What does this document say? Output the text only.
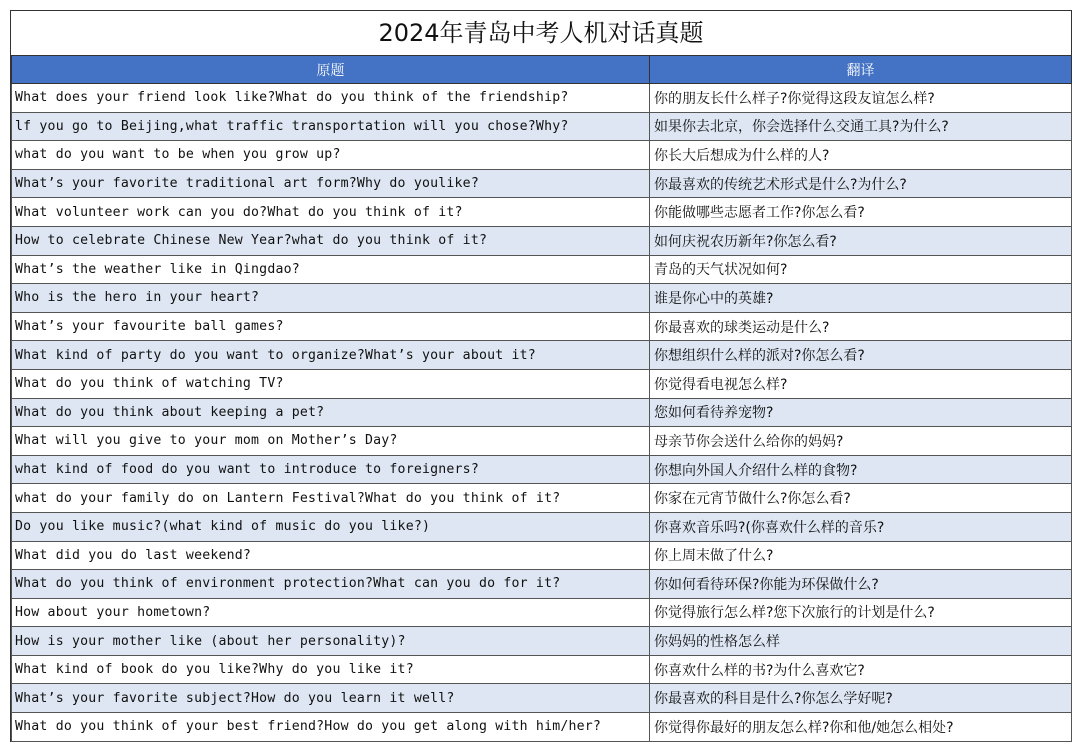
2024年青岛中考人机对话真题
原题	翻译
What does your friend look like?What do you think of the friendship?	你的朋友长什么样子?你觉得这段友谊怎么样?
lf you go to Beijing,what traffic transportation will you chose?Why?	如果你去北京，你会选择什么交通工具?为什么?
what do you want to be when you grow up?	你长大后想成为什么样的人?
What’s your favorite traditional art form?Why do youlike?	你最喜欢的传统艺术形式是什么?为什么?
What volunteer work can you do?What do you think of it?	你能做哪些志愿者工作?你怎么看?
How to celebrate Chinese New Year?what do you think of it?	如何庆祝农历新年?你怎么看?
What’s the weather like in Qingdao?	青岛的天气状况如何?
Who is the hero in your heart?	谁是你心中的英雄?
What’s your favourite ball games?	你最喜欢的球类运动是什么?
What kind of party do you want to organize?What’s your about it?	你想组织什么样的派对?你怎么看?
What do you think of watching TV?	你觉得看电视怎么样?
What do you think about keeping a pet?	您如何看待养宠物?
What will you give to your mom on Mother’s Day?	母亲节你会送什么给你的妈妈?
what kind of food do you want to introduce to foreigners?	你想向外国人介绍什么样的食物?
what do your family do on Lantern Festival?What do you think of it?	你家在元宵节做什么?你怎么看?
Do you like music?(what kind of music do you like?)	你喜欢音乐吗?(你喜欢什么样的音乐?
What did you do last weekend?	你上周末做了什么?
What do you think of environment protection?What can you do for it?	你如何看待环保?你能为环保做什么?
How about your hometown?	你觉得旅行怎么样?您下次旅行的计划是什么?
How is your mother like (about her personality)?	你妈妈的性格怎么样
What kind of book do you like?Why do you like it?	你喜欢什么样的书?为什么喜欢它?
What’s your favorite subject?How do you learn it well?	你最喜欢的科目是什么?你怎么学好呢?
What do you think of your best friend?How do you get along with him/her?	你觉得你最好的朋友怎么样?你和他/她怎么相处?
